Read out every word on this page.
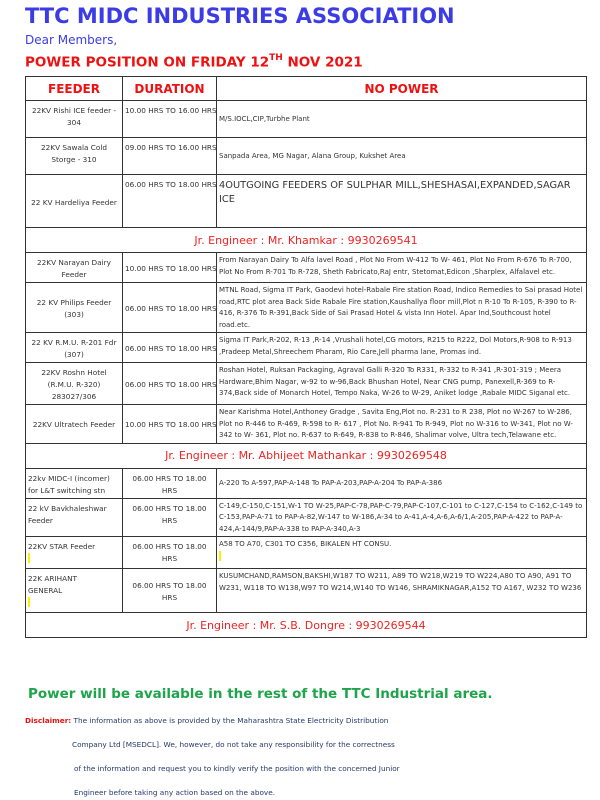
TTC MIDC INDUSTRIES ASSOCIATION
Dear Members,
POWER POSITION ON FRIDAY 12TH NOV 2021
FEEDER	DURATION	NO POWER
22KV Rishi ICE feeder - 304	10.00 HRS TO 16.00 HRS	M/S.IOCL,CIP,Turbhe Plant
22KV Sawala Cold Storge - 310	09.00 HRS TO 16.00 HRS	Sanpada Area, MG Nagar, Alana Group, Kukshet Area
22 KV Hardeliya Feeder	06.00 HRS TO 18.00 HRS	4OUTGOING FEEDERS OF SULPHAR MILL,SHESHASAI,EXPANDED,SAGAR ICE
Jr. Engineer : Mr. Khamkar : 9930269541		
22KV Narayan Dairy Feeder	10.00 HRS TO 18.00 HRS	From Narayan Dairy To Alfa lavel Road , Plot No From W-412 To W- 461, Plot No From R-676 To R-700, Plot No From R-701 To R-728, Sheth Fabricato,RaJ entr, Stetomat,Edicon ,Sharplex, Alfalavel etc.
22 KV Philips Feeder (303)	06.00 HRS TO 18.00 HRS	MTNL Road, Sigma IT Park, Gaodevi hotel-Rabale Fire station Road, Indico Remedies to Sai prasad Hotel road,RTC plot area Back Side Rabale Fire station,Kaushallya floor mill,Plot n R-10 To R-105, R-390 to R-416, R-376 To R-391,Back Side of Sai Prasad Hotel & vista Inn Hotel. Apar Ind,Southcoust hotel road.etc.
22 KV R.M.U. R-201 Fdr (307)	06.00 HRS TO 18.00 HRS	Sigma IT Park,R-202, R-13 ,R-14 ,Vrushali hotel,CG motors, R215 to R222, Dol Motors,R-908 to R-913 ,Pradeep Metal,Shreechem Pharam, Rio Care,Jell pharma lane, Promas ind.
22KV Roshn Hotel (R.M.U. R-320) 283027/306	06.00 HRS TO 18.00 HRS	Roshan Hotel, Ruksan Packaging, Agraval Galli R-320 To R331, R-332 to R-341 ,R-301-319 ; Meera Hardware,Bhim Nagar, w-92 to w-96,Back Bhushan Hotel, Near CNG pump, Panexell,R-369 to R-374,Back side of Monarch Hotel, Tempo Naka, W-26 to W-29, Aniket lodge ,Rabale MIDC Siganal etc.
22KV Ultratech Feeder	10.00 HRS TO 18.00 HRS	Near Karishma Hotel,Anthoney Gradge , Savita Eng,Plot no. R-231 to R 238, Plot no W-267 to W-286, Plot no R-446 to R-469, R-598 to R- 617 , Plot No. R-941 To R-949, Plot no W-316 to W-341, Plot no W-342 to W- 361, Plot no. R-637 to R-649, R-838 to R-846, Shalimar volve, Ultra tech,Telawane etc.
Jr. Engineer : Mr. Abhijeet Mathankar : 9930269548		
22kv MIDC-I (incomer) for L&T switching stn	06.00 HRS TO 18.00 HRS	A-220 To A-597,PAP-A-148 To PAP-A-203,PAP-A-204 To PAP-A-386
22 kV Bavkhaleshwar Feeder	06.00 HRS TO 18.00 HRS	C-149,C-150,C-151,W-1 TO W-25,PAP-C-78,PAP-C-79,PAP-C-107,C-101 to C-127,C-154 to C-162,C-149 to C-153,PAP-A-71 to PAP-A-82,W-147 to W-186,A-34 to A-41,A-4,A-6,A-6/1,A-205,PAP-A-422 to PAP-A-424,A-144/9,PAP-A-338 to PAP-A-340,A-3

22KV STAR Feeder	06.00 HRS TO 18.00 HRS	A58 TO A70, C301 TO C356, BIKALEN HT CONSU.

22K ARIHANT GENERAL	06.00 HRS TO 18.00 HRS	KUSUMCHAND,RAMSON,BAKSHI,W187 TO W211, A89 TO W218,W219 TO W224,A80 TO A90, A91 TO W231, W118 TO W138,W97 TO W214,W140 TO W146, SHRAMIKNAGAR,A152 TO A167, W232 TO W236
Jr. Engineer : Mr. S.B. Dongre : 9930269544		
Power will be available in the rest of the TTC Industrial area.
Disclaimer: The information as above is provided by the Maharashtra State Electricity Distribution
Company Ltd [MSEDCL]. We, however, do not take any responsibility for the correctness
of the information and request you to kindly verify the position with the concerned Junior
Engineer before taking any action based on the above.
